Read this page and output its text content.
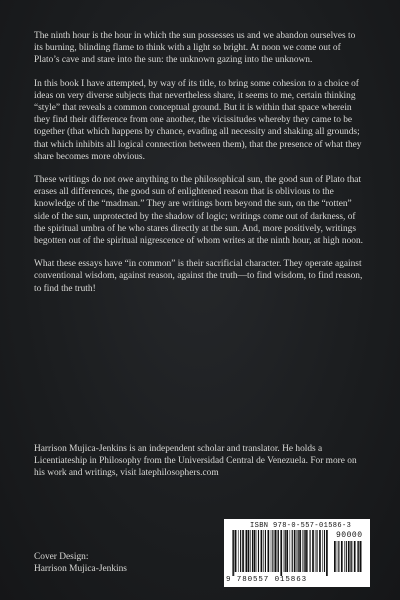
The ninth hour is the hour in which the sun possesses us and we abandon ourselves to its burning, blinding flame to think with a light so bright. At noon we come out of Plato’s cave and stare into the sun: the unknown gazing into the unknown.

In this book I have attempted, by way of its title, to bring some cohesion to a choice of ideas on very diverse subjects that nevertheless share, it seems to me, certain thinking “style” that reveals a common conceptual ground. But it is within that space wherein they find their difference from one another, the vicissitudes whereby they came to be together (that which happens by chance, evading all necessity and shaking all grounds; that which inhibits all logical connection between them), that the presence of what they share becomes more obvious.

These writings do not owe anything to the philosophical sun, the good sun of Plato that erases all differences, the good sun of enlightened reason that is oblivious to the knowledge of the “madman.” They are writings born beyond the sun, on the “rotten” side of the sun, unprotected by the shadow of logic; writings come out of darkness, of the spiritual umbra of he who stares directly at the sun. And, more positively, writings begotten out of the spiritual nigrescence of whom writes at the ninth hour, at high noon.

What these essays have “in common” is their sacrificial character. They operate against conventional wisdom, against reason, against the truth—to find wisdom, to find reason, to find the truth!

Harrison Mujica-Jenkins is an independent scholar and translator. He holds a Licentiateship in Philosophy from the Universidad Central de Venezuela. For more on his work and writings, visit latephilosophers.com
Cover Design:
Harrison Mujica-Jenkins
ISBN 978-0-557-01586-3
90000
9 780557 015863
